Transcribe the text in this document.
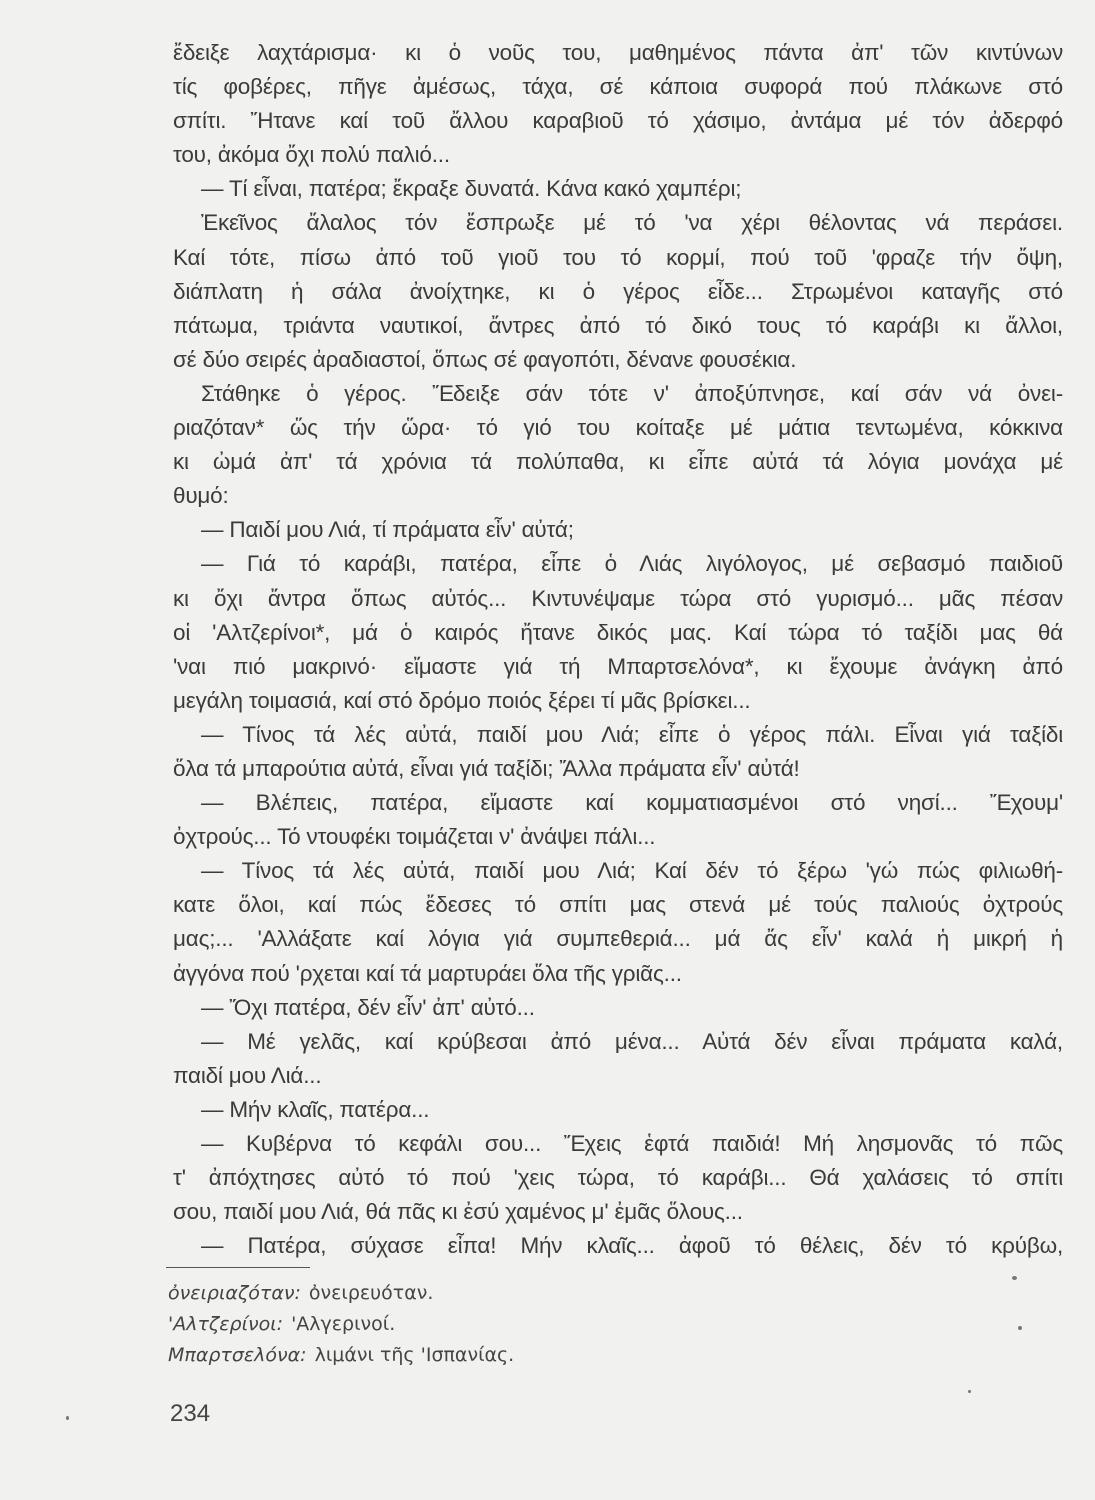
ἔδειξε λαχτάρισμα· κι ὁ νοῦς του, μαθημένος πάντα ἀπ' τῶν κιντύνων
τίς φοβέρες, πῆγε ἀμέσως, τάχα, σέ κάποια συφορά πού πλάκωνε στό
σπίτι. Ἤτανε καί τοῦ ἄλλου καραβιοῦ τό χάσιμο, ἀντάμα μέ τόν ἀδερφό
του, ἀκόμα ὄχι πολύ παλιό...
— Τί εἶναι, πατέρα; ἔκραξε δυνατά. Κάνα κακό χαμπέρι;
Ἐκεῖνος ἄλαλος τόν ἔσπρωξε μέ τό 'να χέρι θέλοντας νά περάσει.
Καί τότε, πίσω ἀπό τοῦ γιοῦ του τό κορμί, πού τοῦ 'φραζε τήν ὄψη,
διάπλατη ἡ σάλα ἀνοίχτηκε, κι ὁ γέρος εἶδε... Στρωμένοι καταγῆς στό
πάτωμα, τριάντα ναυτικοί, ἄντρες ἀπό τό δικό τους τό καράβι κι ἄλλοι,
σέ δύο σειρές ἀραδιαστοί, ὅπως σέ φαγοπότι, δένανε φουσέκια.
Στάθηκε ὁ γέρος. Ἔδειξε σάν τότε ν' ἀποξύπνησε, καί σάν νά ὀνει-
ριαζόταν* ὥς τήν ὥρα· τό γιό του κοίταξε μέ μάτια τεντωμένα, κόκκινα
κι ὠμά ἀπ' τά χρόνια τά πολύπαθα, κι εἶπε αὐτά τά λόγια μονάχα μέ
θυμό:
— Παιδί μου Λιά, τί πράματα εἶν' αὐτά;
— Γιά τό καράβι, πατέρα, εἶπε ὁ Λιάς λιγόλογος, μέ σεβασμό παιδιοῦ
κι ὄχι ἄντρα ὅπως αὐτός... Κιντυνέψαμε τώρα στό γυρισμό... μᾶς πέσαν
οἱ 'Αλτζερίνοι*, μά ὁ καιρός ἤτανε δικός μας. Καί τώρα τό ταξίδι μας θά
'ναι πιό μακρινό· εἴμαστε γιά τή Μπαρτσελόνα*, κι ἔχουμε ἀνάγκη ἀπό
μεγάλη τοιμασιά, καί στό δρόμο ποιός ξέρει τί μᾶς βρίσκει...
— Τίνος τά λές αὐτά, παιδί μου Λιά; εἶπε ὁ γέρος πάλι. Εἶναι γιά ταξίδι
ὅλα τά μπαρούτια αὐτά, εἶναι γιά ταξίδι; Ἄλλα πράματα εἶν' αὐτά!
— Βλέπεις, πατέρα, εἴμαστε καί κομματιασμένοι στό νησί... Ἔχουμ'
ὀχτρούς... Τό ντουφέκι τοιμάζεται ν' ἀνάψει πάλι...
— Τίνος τά λές αὐτά, παιδί μου Λιά; Καί δέν τό ξέρω 'γώ πώς φιλιωθή-
κατε ὅλοι, καί πώς ἔδεσες τό σπίτι μας στενά μέ τούς παλιούς ὀχτρούς
μας;... 'Αλλάξατε καί λόγια γιά συμπεθεριά... μά ἄς εἶν' καλά ἡ μικρή ἡ
ἀγγόνα πού 'ρχεται καί τά μαρτυράει ὅλα τῆς γριᾶς...
— Ὄχι πατέρα, δέν εἶν' ἀπ' αὐτό...
— Μέ γελᾶς, καί κρύβεσαι ἀπό μένα... Αὐτά δέν εἶναι πράματα καλά,
παιδί μου Λιά...
— Μήν κλαῖς, πατέρα...
— Κυβέρνα τό κεφάλι σου... Ἔχεις ἑφτά παιδιά! Μή λησμονᾶς τό πῶς
τ' ἀπόχτησες αὐτό τό πού 'χεις τώρα, τό καράβι... Θά χαλάσεις τό σπίτι
σου, παιδί μου Λιά, θά πᾶς κι ἐσύ χαμένος μ' ἐμᾶς ὅλους...
— Πατέρα, σύχασε εἶπα! Μήν κλαῖς... ἀφοῦ τό θέλεις, δέν τό κρύβω,
ὀνειριαζόταν: ὀνειρευόταν.
'Αλτζερίνοι: 'Αλγερινοί.
Μπαρτσελόνα: λιμάνι τῆς 'Ισπανίας.
234
